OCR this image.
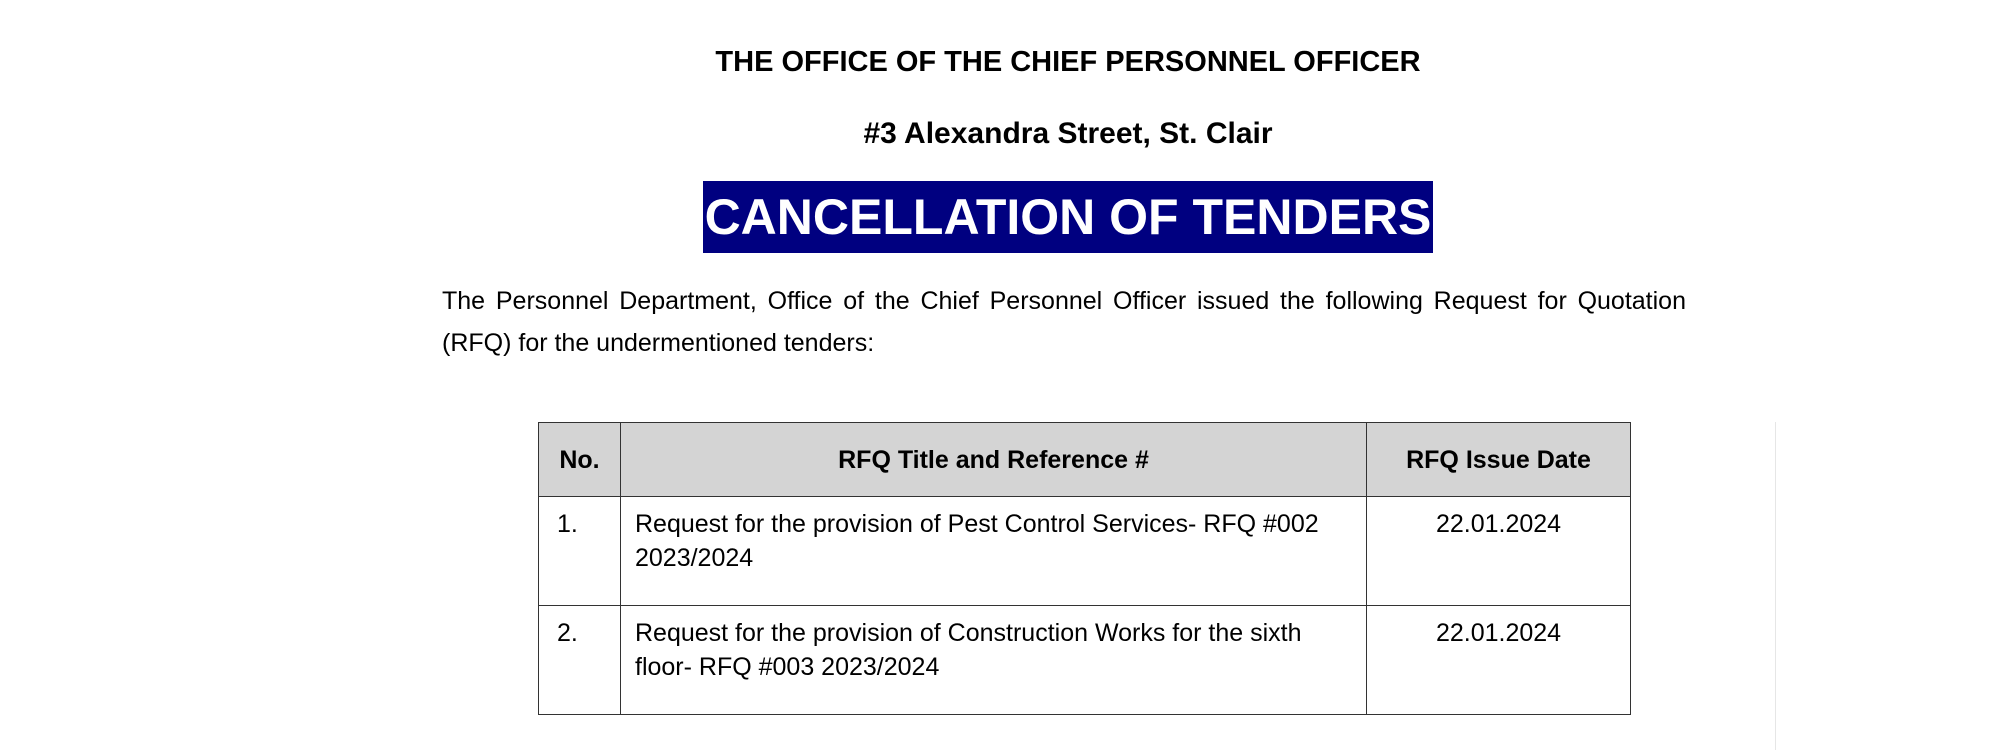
THE OFFICE OF THE CHIEF PERSONNEL OFFICER
#3 Alexandra Street, St. Clair
CANCELLATION OF TENDERS
The Personnel Department, Office of the Chief Personnel Officer issued the following Request for Quotation (RFQ) for the undermentioned tenders:
No.	RFQ Title and Reference #	RFQ Issue Date
1.	Request for the provision of Pest Control Services- RFQ #002 2023/2024	22.01.2024
2.	Request for the provision of Construction Works for the sixth floor- RFQ #003 2023/2024	22.01.2024
